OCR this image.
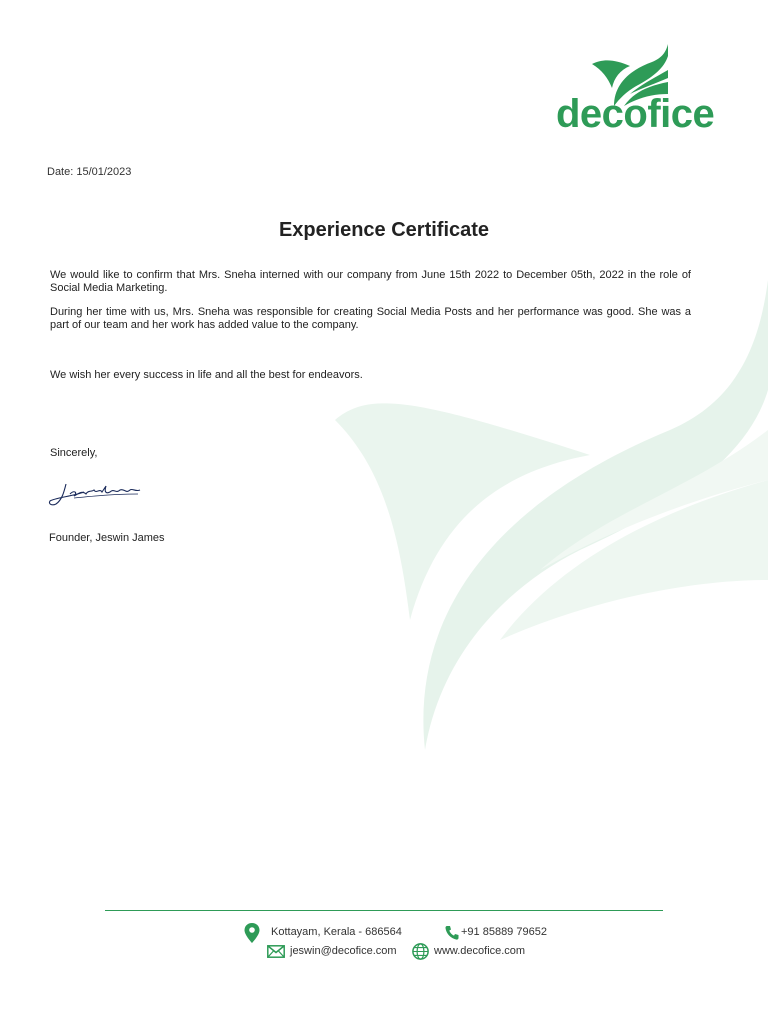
decofice
Date: 15/01/2023
Experience Certificate
We would like to confirm that Mrs. Sneha interned with our company from June 15th 2022 to December 05th, 2022 in the role of Social Media Marketing.
During her time with us, Mrs. Sneha was responsible for creating Social Media Posts and her performance was good. She was a part of our team and her work has added value to the company.
We wish her every success in life and all the best for endeavors.
Sincerely,
Founder, Jeswin James
Kottayam, Kerala - 686564	+91 85889 79652
jeswin@decofice.com	www.decofice.com
